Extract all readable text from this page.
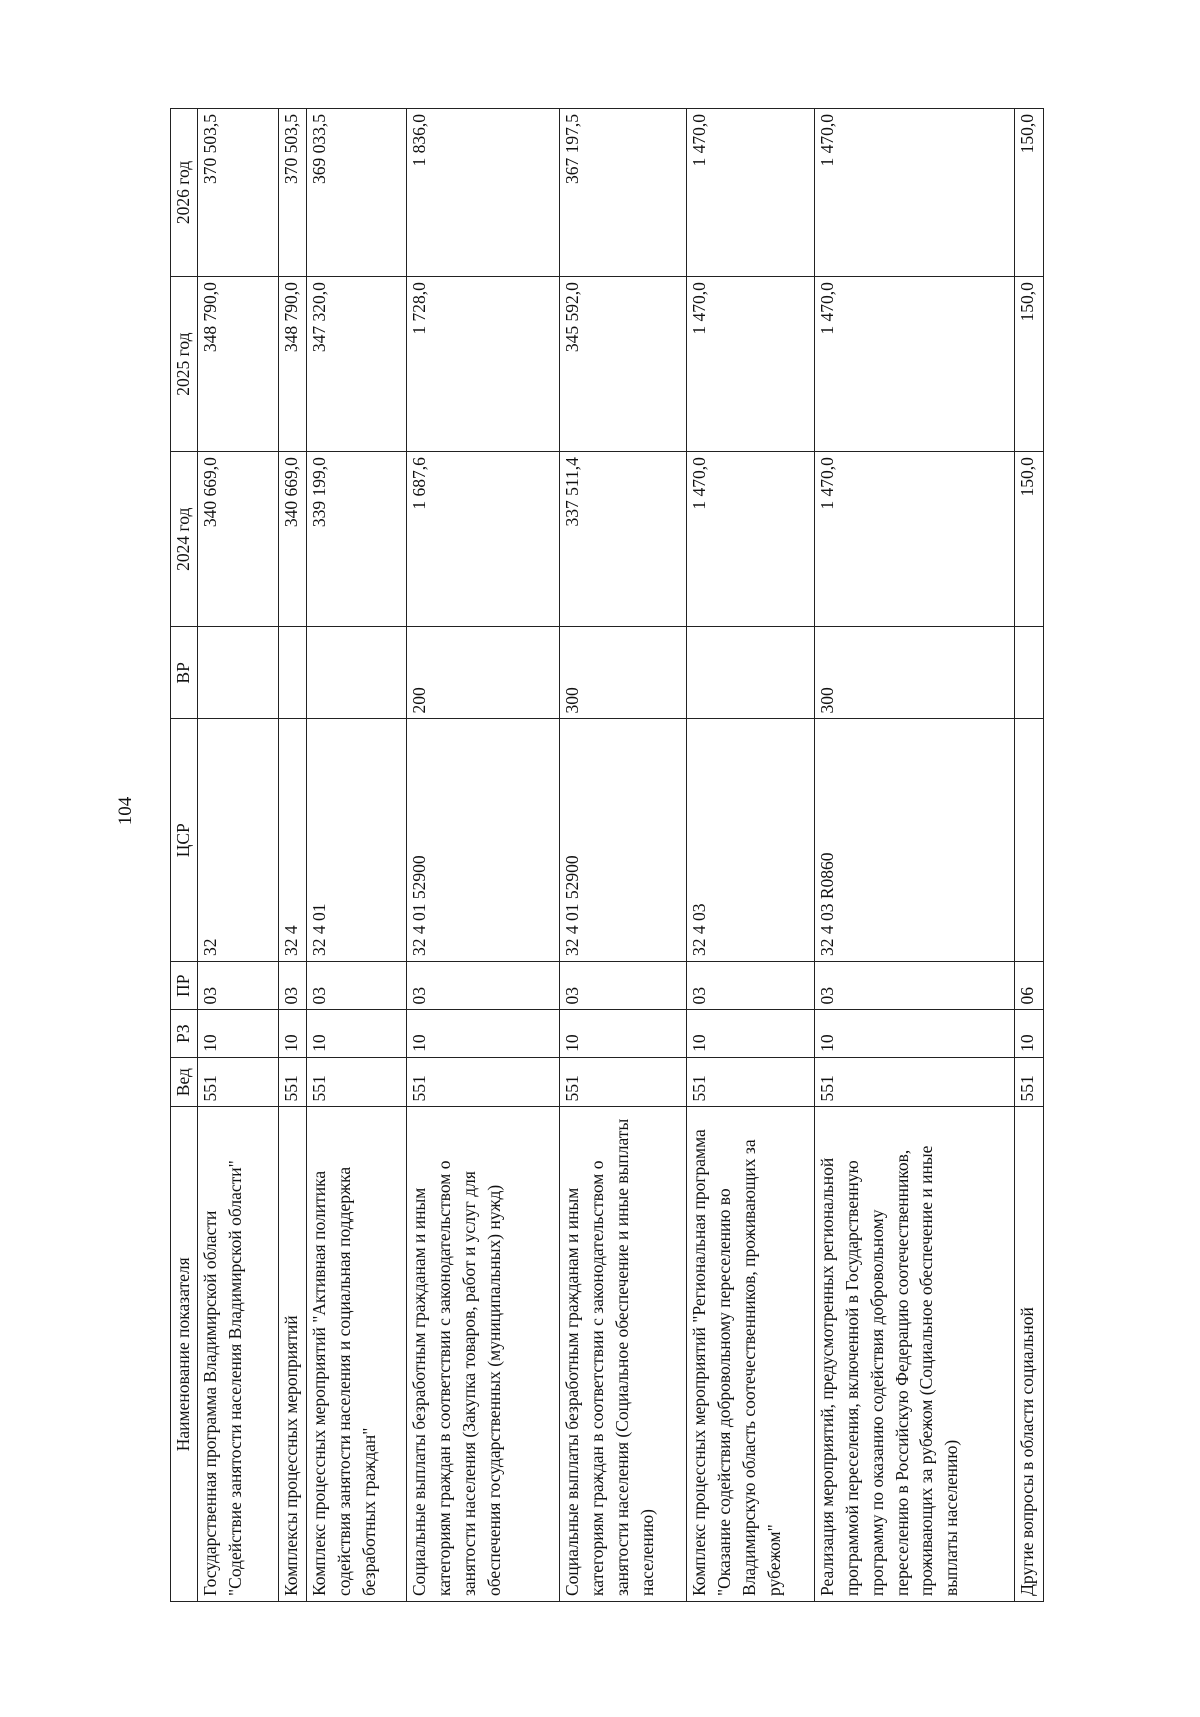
104
Наименование показателя	Вед	РЗ	ПР	ЦСР	ВР	2024 год	2025 год	2026 год
Государственная программа Владимирской области "Содействие занятости населения Владимирской области"	551	10	03	32		340 669,0	348 790,0	370 503,5
Комплексы процессных мероприятий	551	10	03	32 4		340 669,0	348 790,0	370 503,5
Комплекс процессных мероприятий "Активная политика содействия занятости населения и социальная поддержка безработных граждан"	551	10	03	32 4 01		339 199,0	347 320,0	369 033,5
Социальные выплаты безработным гражданам и иным категориям граждан в соответствии с законодательством о занятости населения (Закупка товаров, работ и услуг для обеспечения государственных (муниципальных) нужд)	551	10	03	32 4 01 52900	200	1 687,6	1 728,0	1 836,0
Социальные выплаты безработным гражданам и иным категориям граждан в соответствии с законодательством о занятости населения (Социальное обеспечение и иные выплаты населению)	551	10	03	32 4 01 52900	300	337 511,4	345 592,0	367 197,5
Комплекс процессных мероприятий "Региональная программа "Оказание содействия добровольному переселению во Владимирскую область соотечественников, проживающих за рубежом"	551	10	03	32 4 03		1 470,0	1 470,0	1 470,0
Реализация мероприятий, предусмотренных региональной программой переселения, включенной в Государственную программу по оказанию содействия добровольному переселению в Российскую Федерацию соотечественников, проживающих за рубежом (Социальное обеспечение и иные выплаты населению)	551	10	03	32 4 03 R0860	300	1 470,0	1 470,0	1 470,0
Другие вопросы в области социальной	551	10	06			150,0	150,0	150,0
